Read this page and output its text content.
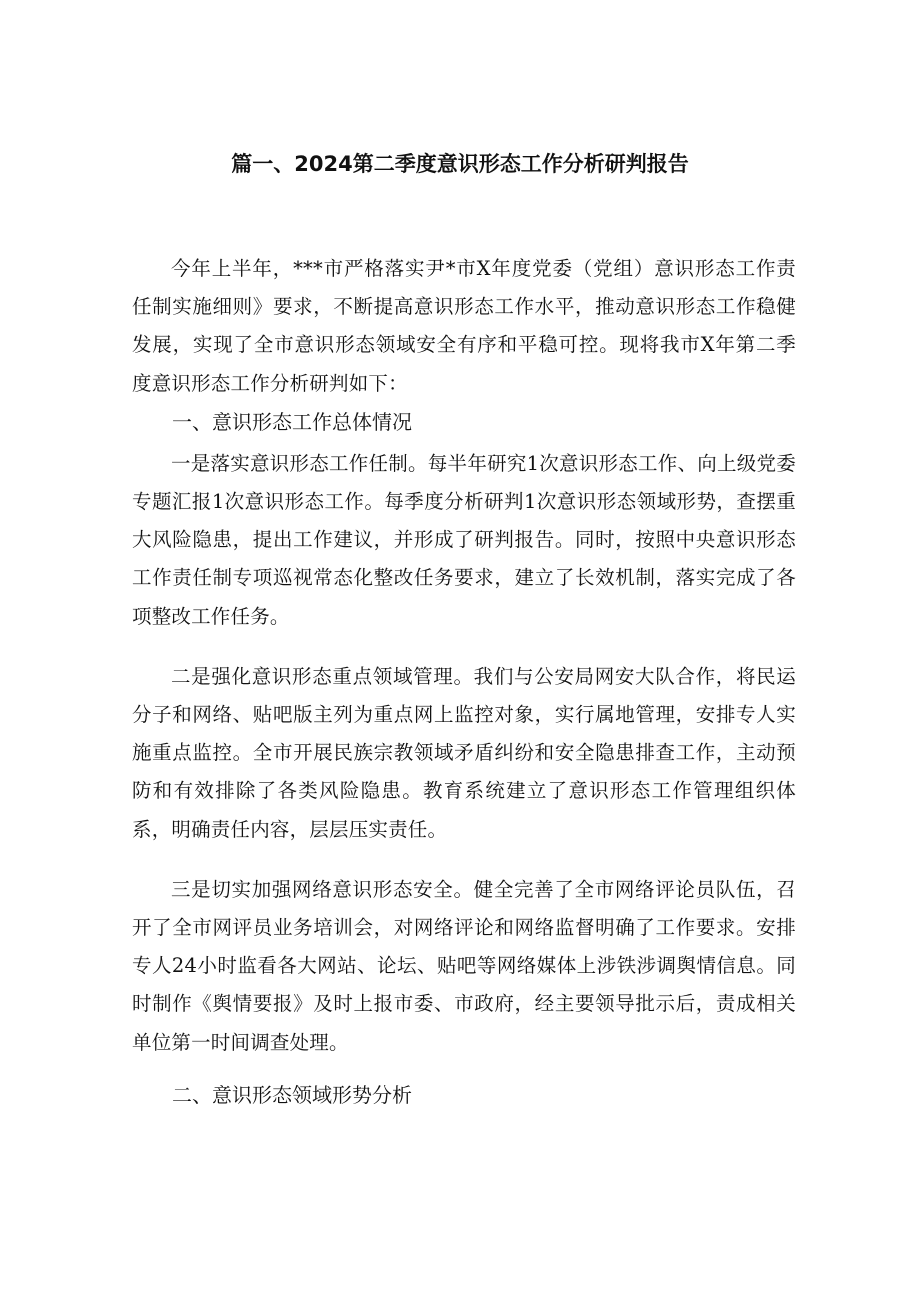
篇一、2024第二季度意识形态工作分析研判报告

今年上半年，***市严格落实尹*市X年度党委（党组）意识形态工作责任制实施细则》要求，不断提高意识形态工作水平，推动意识形态工作稳健发展，实现了全市意识形态领域安全有序和平稳可控。现将我市X年第二季度意识形态工作分析研判如下：

一、意识形态工作总体情况

一是落实意识形态工作任制。每半年研究1次意识形态工作、向上级党委专题汇报1次意识形态工作。每季度分析研判1次意识形态领域形势，查摆重大风险隐患，提出工作建议，并形成了研判报告。同时，按照中央意识形态工作责任制专项巡视常态化整改任务要求，建立了长效机制，落实完成了各项整改工作任务。

二是强化意识形态重点领域管理。我们与公安局网安大队合作，将民运分子和网络、贴吧版主列为重点网上监控对象，实行属地管理，安排专人实施重点监控。全市开展民族宗教领域矛盾纠纷和安全隐患排查工作，主动预防和有效排除了各类风险隐患。教育系统建立了意识形态工作管理组织体系，明确责任内容，层层压实责任。

三是切实加强网络意识形态安全。健全完善了全市网络评论员队伍，召开了全市网评员业务培训会，对网络评论和网络监督明确了工作要求。安排专人24小时监看各大网站、论坛、贴吧等网络媒体上涉铁涉调舆情信息。同时制作《舆情要报》及时上报市委、市政府，经主要领导批示后，责成相关单位第一时间调查处理。

二、意识形态领域形势分析
